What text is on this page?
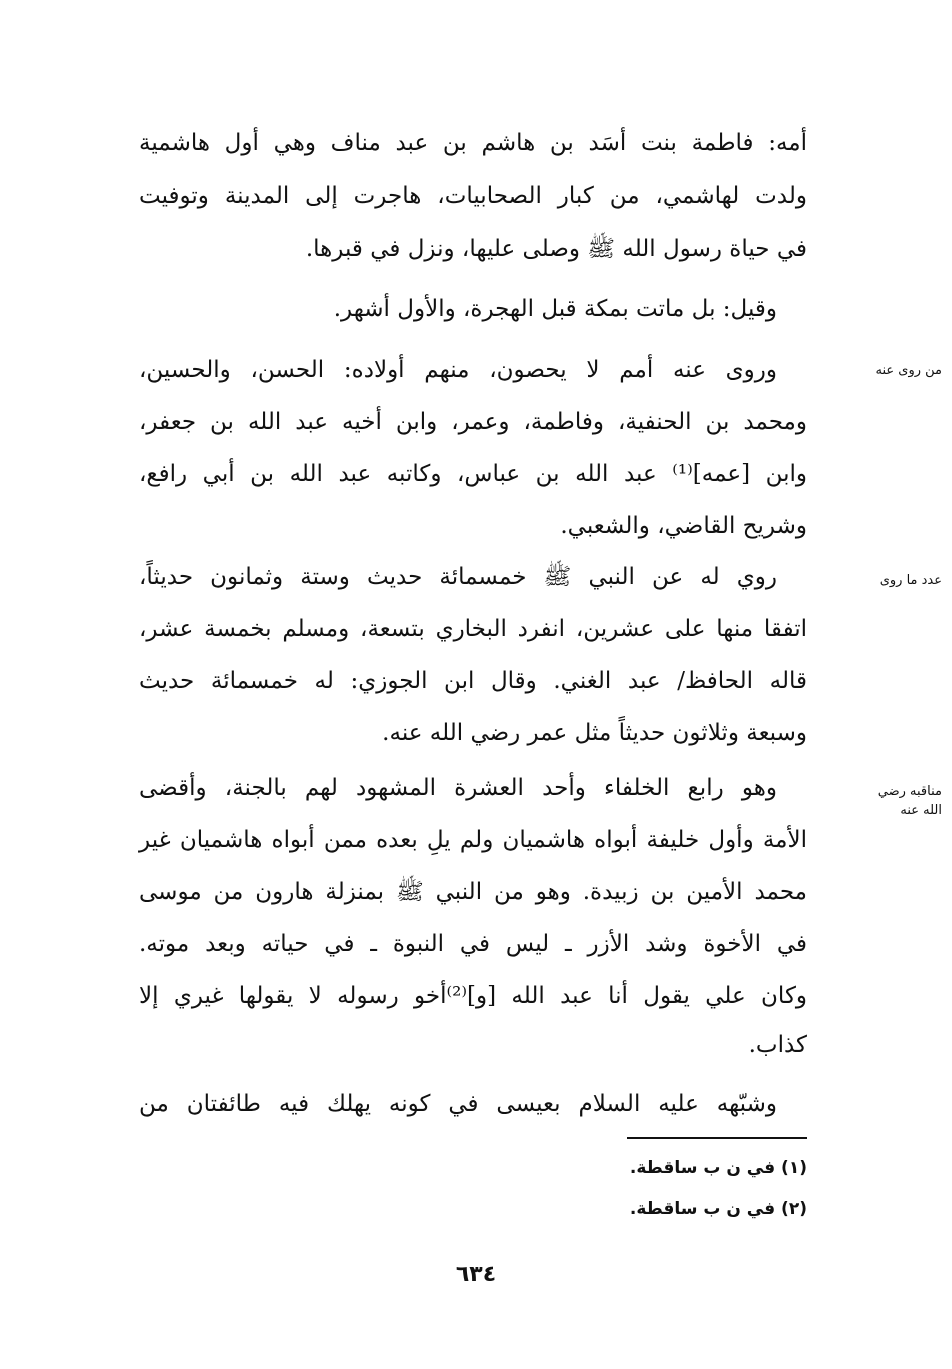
أمه: فاطمة بنت أسَد بن هاشم بن عبد مناف وهي أول هاشمية
ولدت لهاشمي، من كبار الصحابيات، هاجرت إلى المدينة وتوفيت
في حياة رسول الله ﷺ وصلى عليها، ونزل في قبرها.
وقيل: بل ماتت بمكة قبل الهجرة، والأول أشهر.
وروى عنه أمم لا يحصون، منهم أولاده: الحسن، والحسين،
ومحمد بن الحنفية، وفاطمة، وعمر، وابن أخيه عبد الله بن جعفر،
وابن [عمه]⁽¹⁾ عبد الله بن عباس، وكاتبه عبد الله بن أبي رافع،
وشريح القاضي، والشعبي.
روي له عن النبي ﷺ خمسمائة حديث وستة وثمانون حديثاً،
اتفقا منها على عشرين، انفرد البخاري بتسعة، ومسلم بخمسة عشر،
قاله الحافظ/ عبد الغني. وقال ابن الجوزي: له خمسمائة حديث
وسبعة وثلاثون حديثاً مثل عمر رضي الله عنه.
وهو رابع الخلفاء وأحد العشرة المشهود لهم بالجنة، وأقضى
الأمة وأول خليفة أبواه هاشميان ولم يلِ بعده ممن أبواه هاشميان غير
محمد الأمين بن زبيدة. وهو من النبي ﷺ بمنزلة هارون من موسى
في الأخوة وشد الأزر ـ ليس في النبوة ـ في حياته وبعد موته.
وكان علي يقول أنا عبد الله [و]⁽²⁾أخو رسوله لا يقولها غيري إلا
كذاب.
وشبّهه عليه السلام بعيسى في كونه يهلك فيه طائفتان من
من روى عنه
عدد ما روى
مناقبه رضي
الله عنه
(١) في ن ب ساقطة.
(٢) في ن ب ساقطة.
٦٣٤
